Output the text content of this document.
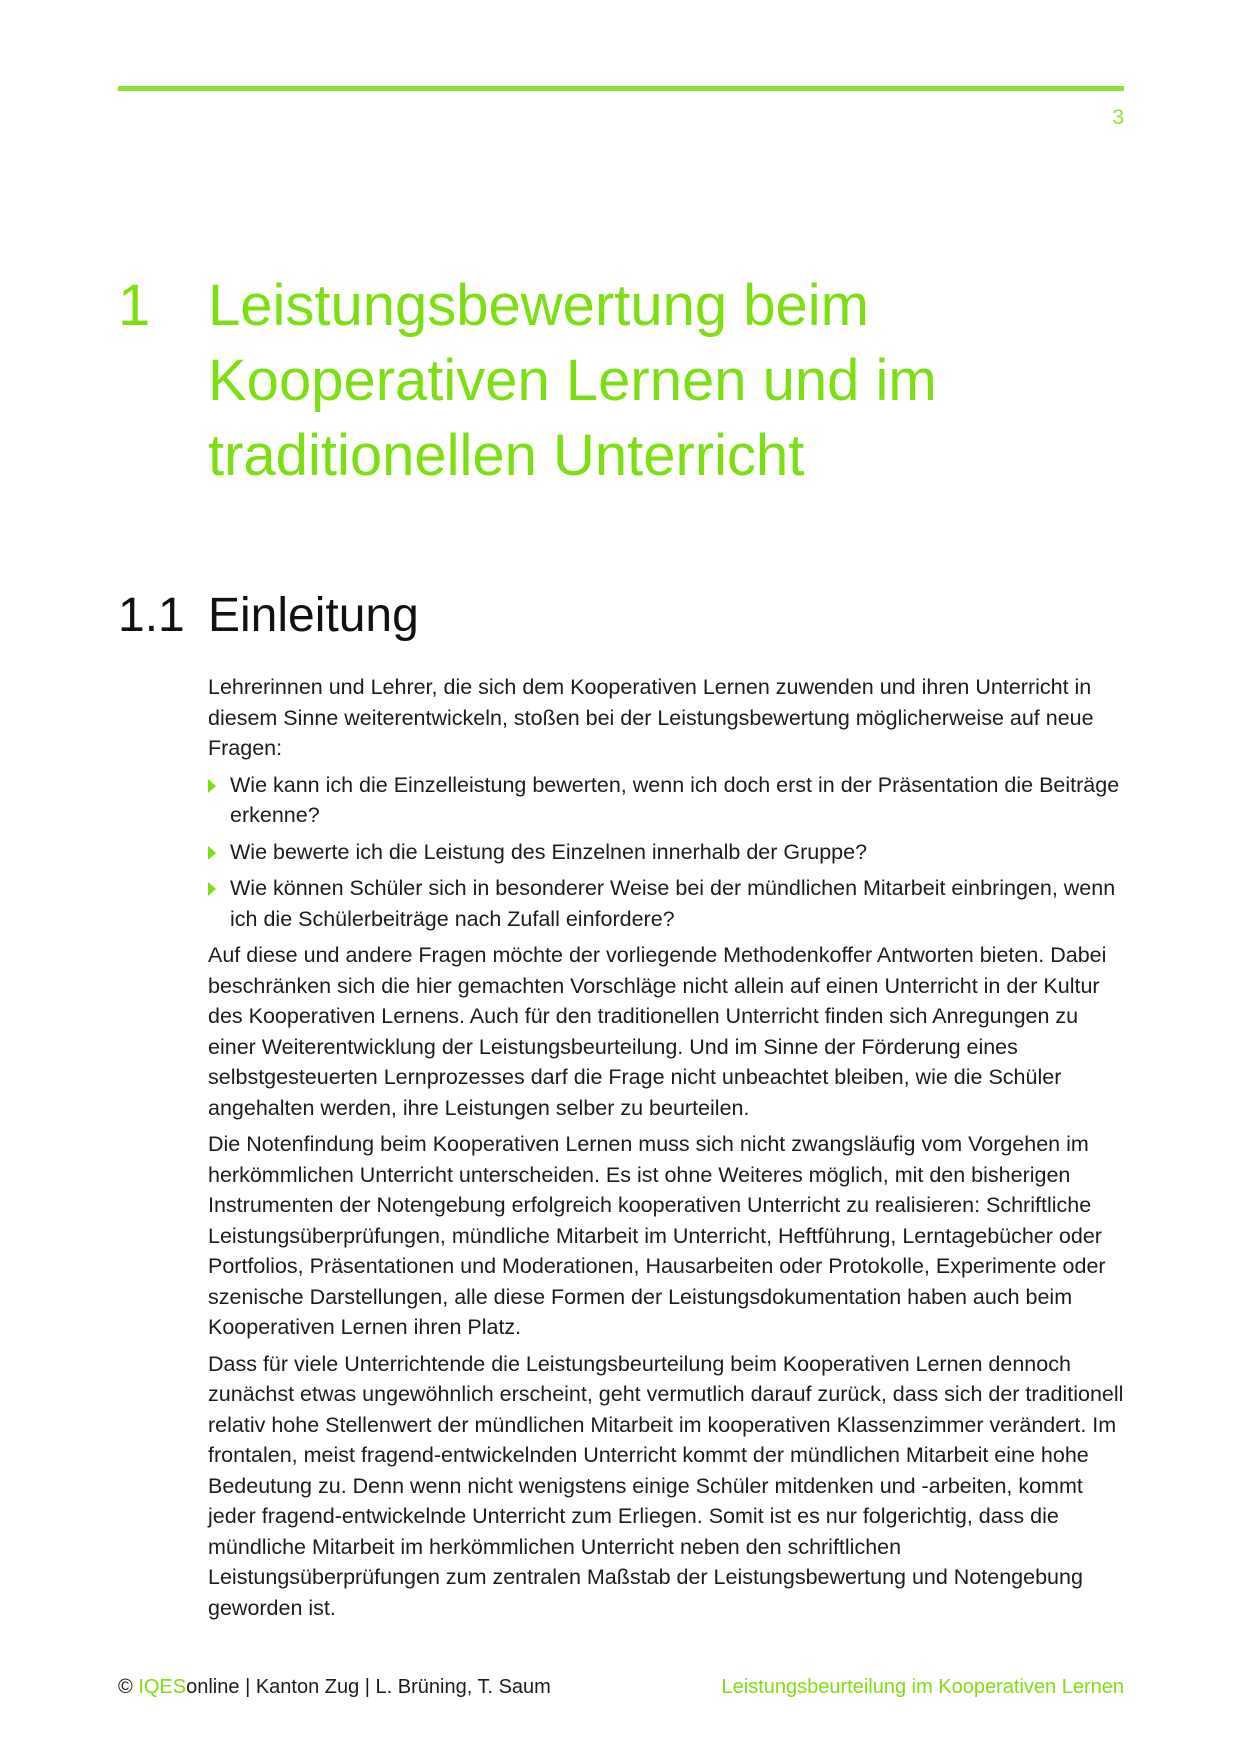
3
1 Leistungsbewertung beim
Kooperativen Lernen und im
traditionellen Unterricht
1.1 Einleitung

Lehrerinnen und Lehrer, die sich dem Kooperativen Lernen zuwenden und ihren Unterricht in diesem Sinne weiterentwickeln, stoßen bei der Leistungsbewertung möglicherweise auf neue Fragen:

Wie kann ich die Einzelleistung bewerten, wenn ich doch erst in der Präsentation die Beiträge erkenne?
Wie bewerte ich die Leistung des Einzelnen innerhalb der Gruppe?
Wie können Schüler sich in besonderer Weise bei der mündlichen Mitarbeit einbringen, wenn ich die Schülerbeiträge nach Zufall einfordere?

Auf diese und andere Fragen möchte der vorliegende Methodenkoffer Antworten bieten. Dabei beschränken sich die hier gemachten Vorschläge nicht allein auf einen Unterricht in der Kultur des Kooperativen Lernens. Auch für den traditionellen Unterricht finden sich Anregungen zu einer Weiterentwicklung der Leistungsbeurteilung. Und im Sinne der Förderung eines selbstgesteuerten Lernprozesses darf die Frage nicht unbeachtet bleiben, wie die Schüler angehalten werden, ihre Leistungen selber zu beurteilen.

Die Notenfindung beim Kooperativen Lernen muss sich nicht zwangsläufig vom Vorgehen im herkömmlichen Unterricht unterscheiden. Es ist ohne Weiteres möglich, mit den bisherigen Instrumenten der Notengebung erfolgreich kooperativen Unterricht zu realisieren: Schriftliche Leistungsüberprüfungen, mündliche Mitarbeit im Unterricht, Heftführung, Lerntagebücher oder Portfolios, Präsentationen und Moderationen, Hausarbeiten oder Protokolle, Experimente oder szenische Darstellungen, alle diese Formen der Leistungsdokumentation haben auch beim Kooperativen Lernen ihren Platz.

Dass für viele Unterrichtende die Leistungsbeurteilung beim Kooperativen Lernen dennoch zunächst etwas ungewöhnlich erscheint, geht vermutlich darauf zurück, dass sich der traditionell relativ hohe Stellenwert der mündlichen Mitarbeit im kooperativen Klassenzimmer verändert. Im frontalen, meist fragend-entwickelnden Unterricht kommt der mündlichen Mitarbeit eine hohe Bedeutung zu. Denn wenn nicht wenigstens einige Schüler mitdenken und -arbeiten, kommt jeder fragend-entwickelnde Unterricht zum Erliegen. Somit ist es nur folgerichtig, dass die mündliche Mitarbeit im herkömmlichen Unterricht neben den schriftlichen Leistungsüberprüfungen zum zentralen Maßstab der Leistungsbewertung und Notengebung geworden ist.

© IQESonline | Kanton Zug | L. Brüning, T. Saum	Leistungsbeurteilung im Kooperativen Lernen
